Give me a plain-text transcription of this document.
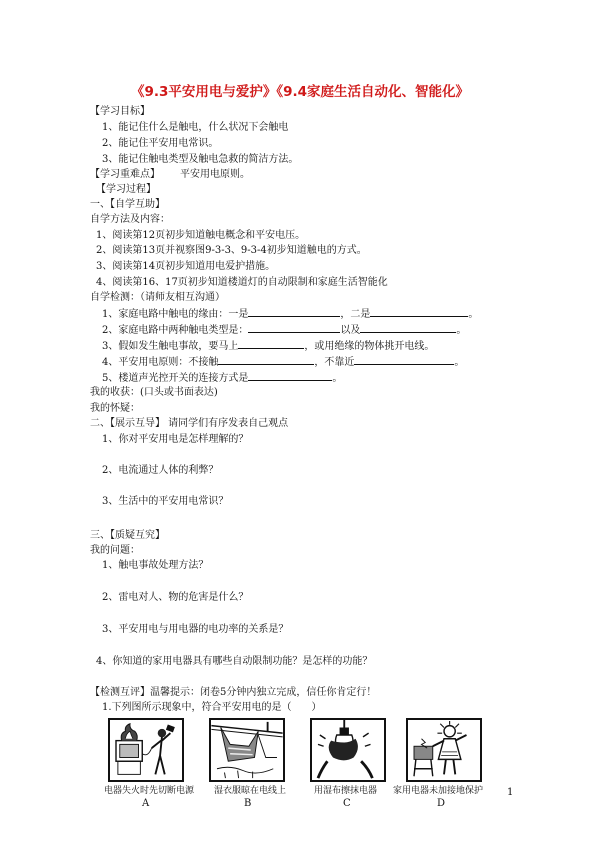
《9.3平安用电与爱护》《9.4家庭生活自动化、智能化》
【学习目标】
1、能记住什么是触电，什么状况下会触电
2、能记住平安用电常识。
3、能记住触电类型及触电急救的简洁方法。
【学习重难点】 平安用电原则。
【学习过程】
一、【自学互助】
自学方法及内容：
1、阅读第12页初步知道触电概念和平安电压。
2、阅读第13页并视察图9-3-3、9-3-4初步知道触电的方式。
3、阅读第14页初步知道用电爱护措施。
4、阅读第16、17页初步知道楼道灯的自动限制和家庭生活智能化
自学检测：（请师友相互沟通）
1、家庭电路中触电的缘由：一是	，二是	。
2、家庭电路中两种触电类型是：	以及	。
3、假如发生触电事故，要马上	，或用绝缘的物体挑开电线。
4、平安用电原则：不接触	，不靠近	。
5、楼道声光控开关的连接方式是	。
我的收获：(口头或书面表达)
我的怀疑：
二、【展示互导】 请同学们有序发表自己观点
1、你对平安用电是怎样理解的？
2、电流通过人体的利弊？
3、生活中的平安用电常识？
三、【质疑互究】
我的问题：
1、触电事故处理方法？
2、雷电对人、物的危害是什么？
3、平安用电与用电器的电功率的关系是？
4、你知道的家用电器具有哪些自动限制功能？是怎样的功能？
【检测互评】温馨提示：闭卷5分钟内独立完成，信任你肯定行！
1.下列图所示现象中，符合平安用电的是（　　）
电器失火时先切断电源
A
湿衣服晾在电线上
B
用湿布擦抹电器
C
家用电器未加接地保护
D
1
